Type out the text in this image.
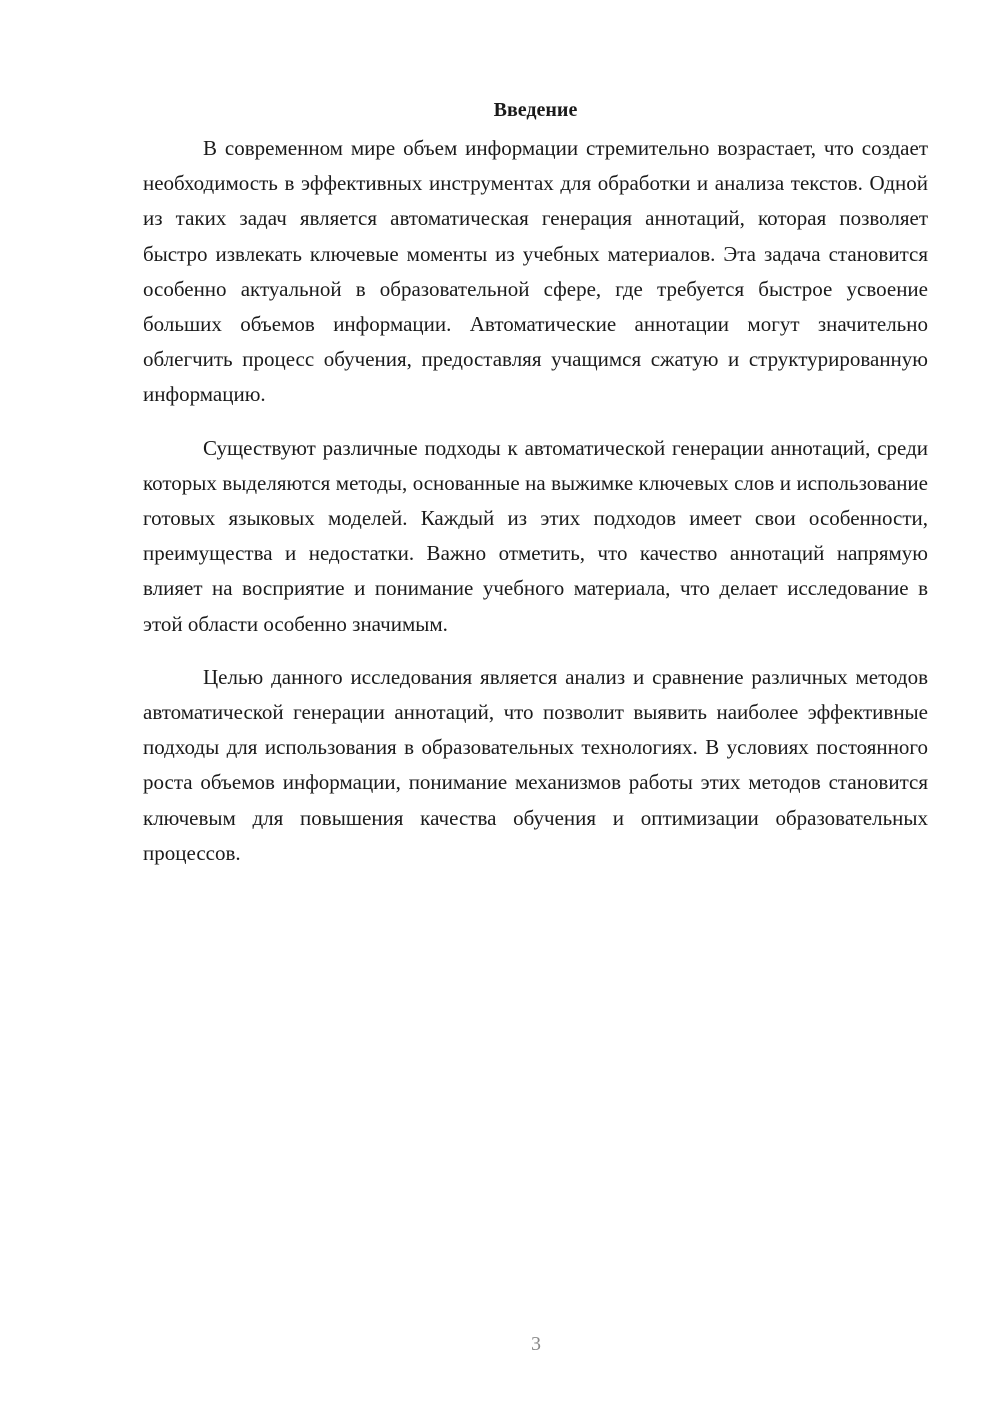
Введение

В современном мире объем информации стремительно возрастает, что создает необходимость в эффективных инструментах для обработки и анализа текстов. Одной из таких задач является автоматическая генерация аннотаций, которая позволяет быстро извлекать ключевые моменты из учебных материалов. Эта задача становится особенно актуальной в образовательной сфере, где требуется быстрое усвоение больших объемов информации. Автоматические аннотации могут значительно облегчить процесс обучения, предоставляя учащимся сжатую и структурированную информацию.

Существуют различные подходы к автоматической генерации аннотаций, среди которых выделяются методы, основанные на выжимке ключевых слов и использование готовых языковых моделей. Каждый из этих подходов имеет свои особенности, преимущества и недостатки. Важно отметить, что качество аннотаций напрямую влияет на восприятие и понимание учебного материала, что делает исследование в этой области особенно значимым.

Целью данного исследования является анализ и сравнение различных методов автоматической генерации аннотаций, что позволит выявить наиболее эффективные подходы для использования в образовательных технологиях. В условиях постоянного роста объемов информации, понимание механизмов работы этих методов становится ключевым для повышения качества обучения и оптимизации образовательных процессов.

3
